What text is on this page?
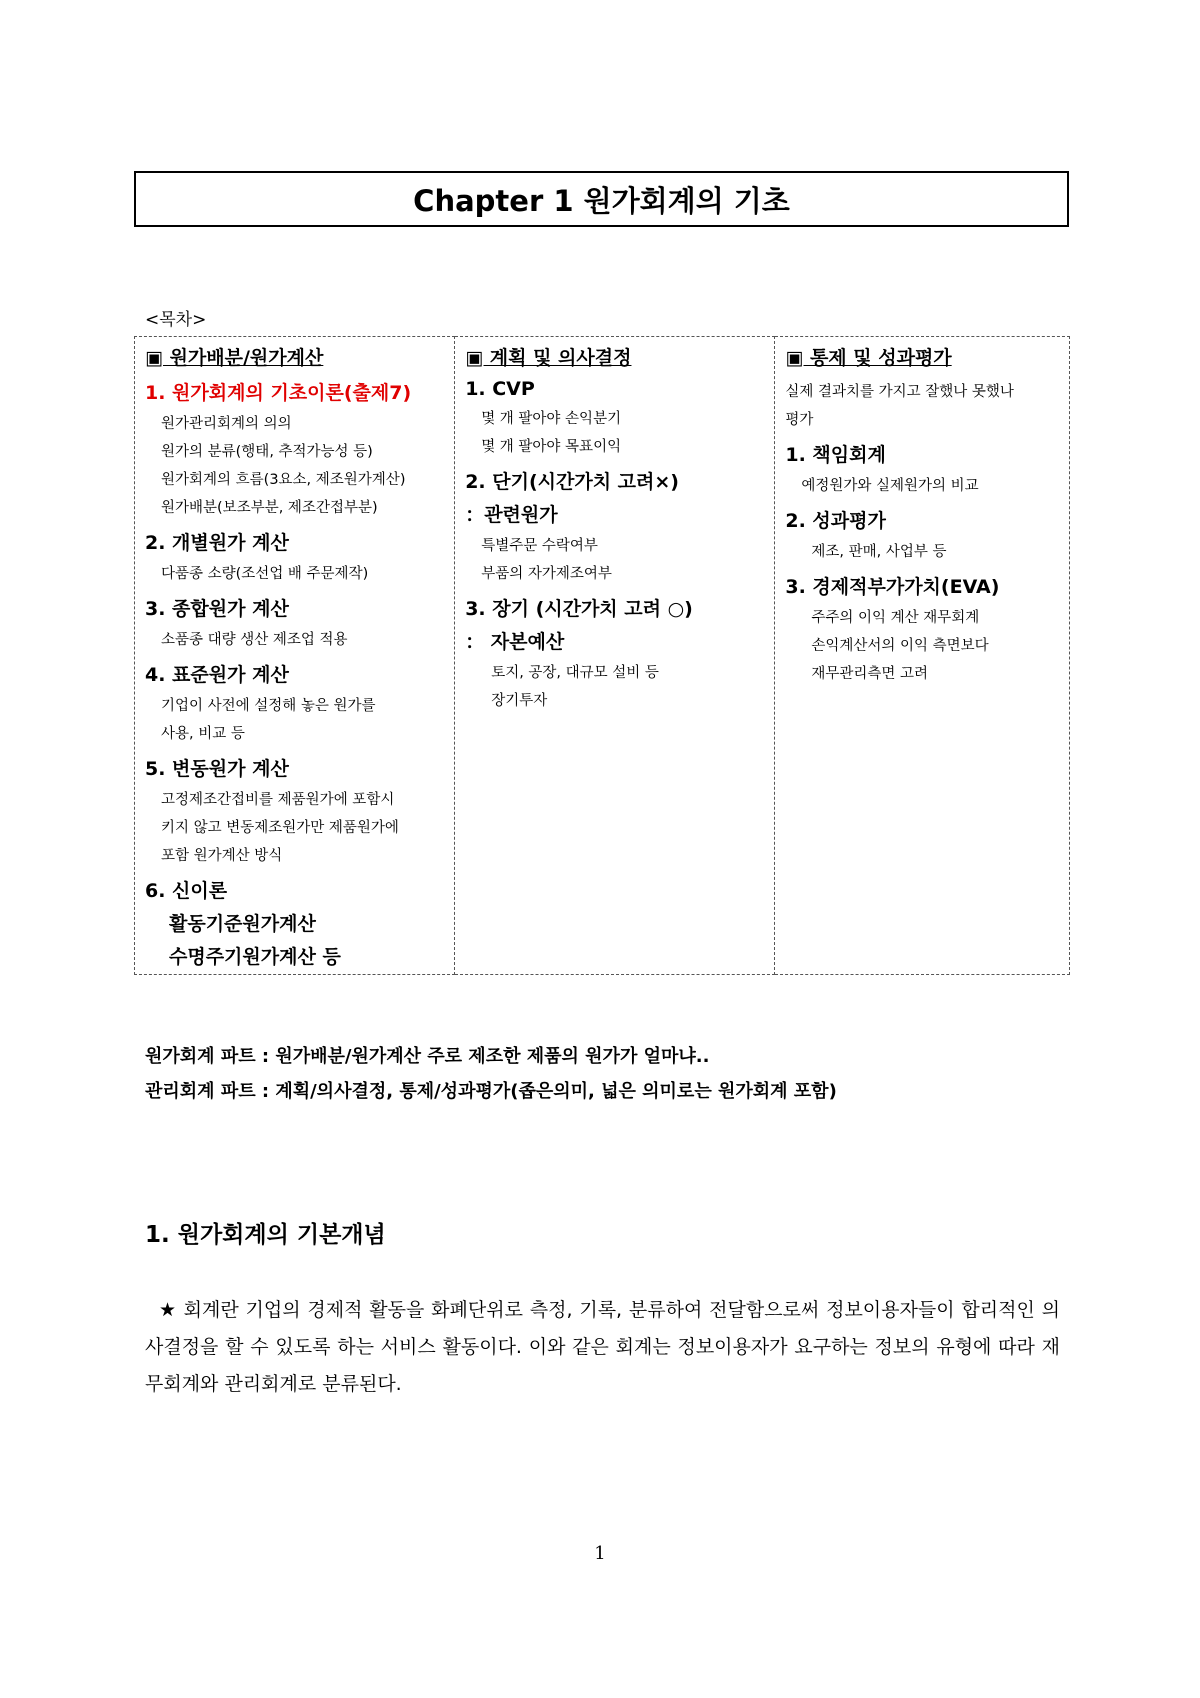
Chapter 1 원가회계의 기초
<목차>
▣ 원가배분/원가계산
1. 원가회계의 기초이론(출제7)
원가관리회계의 의의
원가의 분류(행태, 추적가능성 등)
원가회계의 흐름(3요소, 제조원가계산)
원가배분(보조부분, 제조간접부분)
2. 개별원가 계산
다품종 소량(조선업 배 주문제작)
3. 종합원가 계산
소품종 대량 생산 제조업 적용
4. 표준원가 계산
기업이 사전에 설정해 놓은 원가를
사용, 비교 등
5. 변동원가 계산
고정제조간접비를 제품원가에 포함시
키지 않고 변동제조원가만 제품원가에
포함 원가계산 방식
6. 신이론
활동기준원가계산
수명주기원가계산 등

▣ 계획 및 의사결정
1. CVP
몇 개 팔아야 손익분기
몇 개 팔아야 목표이익
2. 단기(시간가치 고려×)
：관련원가
특별주문 수락여부
부품의 자가제조여부
3. 장기 (시간가치 고려 ○)
： 자본예산
토지, 공장, 대규모 설비 등
장기투자

▣ 통제 및 성과평가
실제 결과치를 가지고 잘했나 못했나
평가
1. 책임회계
예정원가와 실제원가의 비교
2. 성과평가
제조, 판매, 사업부 등
3. 경제적부가가치(EVA)
주주의 이익 계산 재무회계
손익계산서의 이익 측면보다
재무관리측면 고려
원가회계 파트 : 원가배분/원가계산 주로 제조한 제품의 원가가 얼마냐..
관리회계 파트 : 계획/의사결정, 통제/성과평가(좁은의미, 넓은 의미로는 원가회계 포함)
1. 원가회계의 기본개념
★ 회계란 기업의 경제적 활동을 화폐단위로 측정, 기록, 분류하여 전달함으로써 정보이용자들이 합리적인 의사결정을 할 수 있도록 하는 서비스 활동이다. 이와 같은 회계는 정보이용자가 요구하는 정보의 유형에 따라 재무회계와 관리회계로 분류된다.
1
